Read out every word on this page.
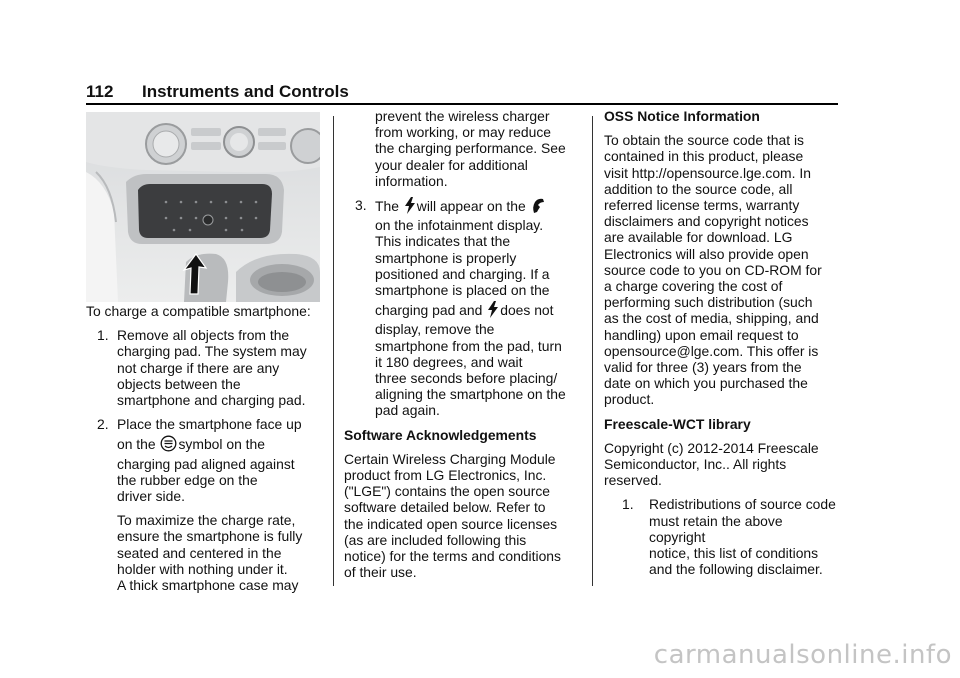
112 Instruments and Controls

To charge a compatible smartphone:

1. Remove all objects from the

charging pad. The system may

not charge if there are any

objects between the

smartphone and charging pad.

2. Place the smartphone face up

on the symbol on the

charging pad aligned against

the rubber edge on the

driver side.

To maximize the charge rate,

ensure the smartphone is fully

seated and centered in the

holder with nothing under it.

A thick smartphone case may

prevent the wireless charger

from working, or may reduce

the charging performance. See

your dealer for additional

information.

3. The will appear on the

on the infotainment display.

This indicates that the

smartphone is properly

positioned and charging. If a

smartphone is placed on the

charging pad and does not

display, remove the

smartphone from the pad, turn

it 180 degrees, and wait

three seconds before placing/

aligning the smartphone on the

pad again.

Software Acknowledgements

Certain Wireless Charging Module

product from LG Electronics, Inc.

("LGE") contains the open source

software detailed below. Refer to

the indicated open source licenses

(as are included following this

notice) for the terms and conditions

of their use.

OSS Notice Information

To obtain the source code that is

contained in this product, please

visit http://opensource.lge.com. In

addition to the source code, all

referred license terms, warranty

disclaimers and copyright notices

are available for download. LG

Electronics will also provide open

source code to you on CD-ROM for

a charge covering the cost of

performing such distribution (such

as the cost of media, shipping, and

handling) upon email request to

opensource@lge.com. This offer is

valid for three (3) years from the

date on which you purchased the

product.

Freescale-WCT library

Copyright (c) 2012-2014 Freescale

Semiconductor, Inc.. All rights

reserved.

1. Redistributions of source code

must retain the above copyright

notice, this list of conditions

and the following disclaimer.

carmanualsonline.info
